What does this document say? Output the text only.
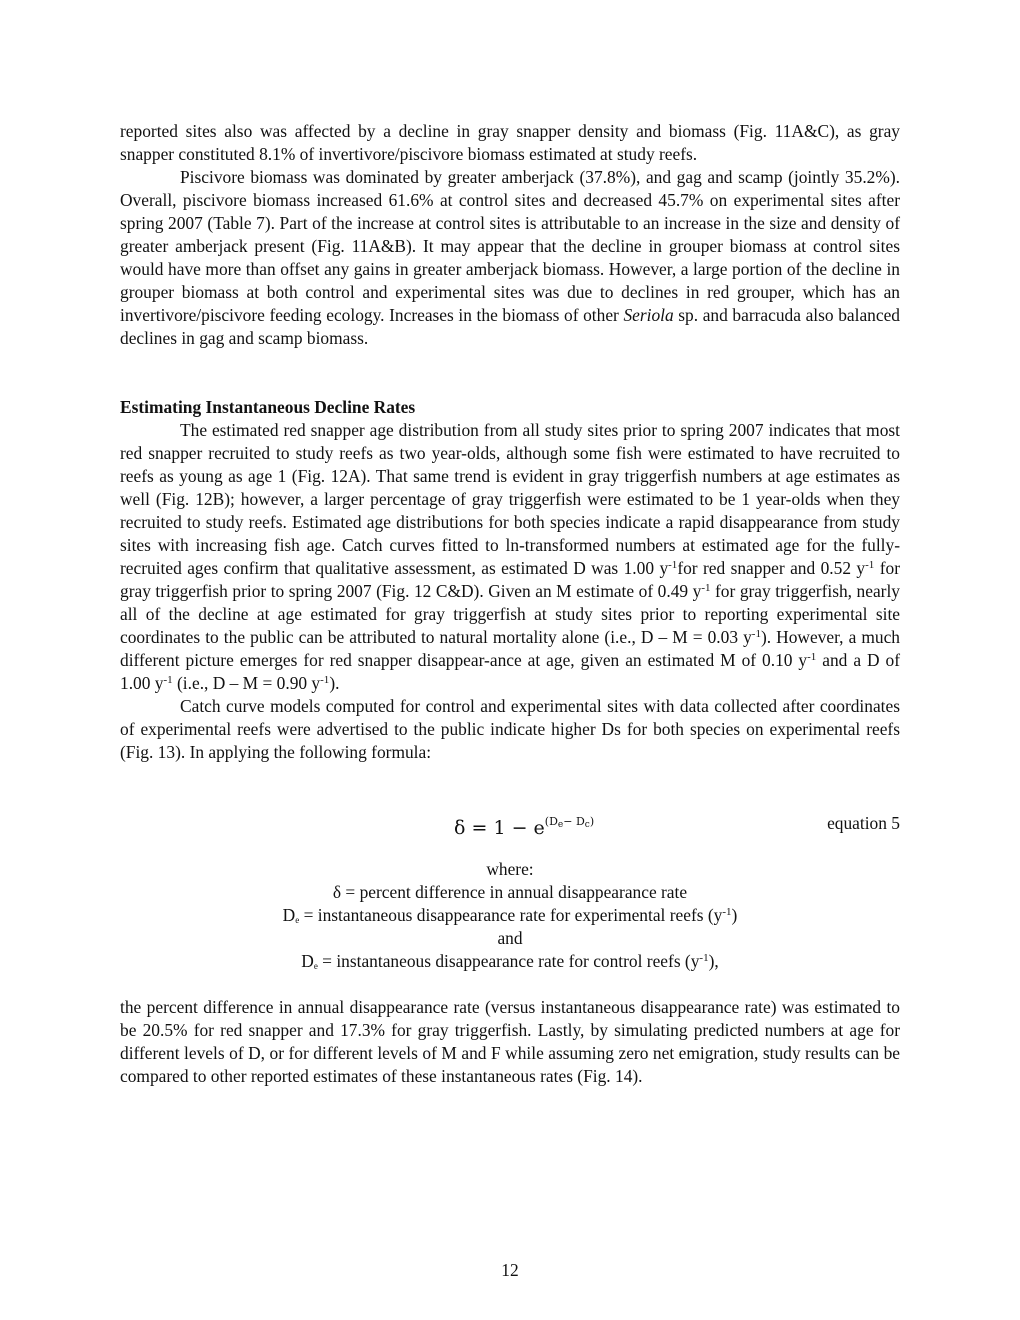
reported sites also was affected by a decline in gray snapper density and biomass (Fig. 11A&C), as gray snapper constituted 8.1% of invertivore/piscivore biomass estimated at study reefs.

Piscivore biomass was dominated by greater amberjack (37.8%), and gag and scamp (jointly 35.2%). Overall, piscivore biomass increased 61.6% at control sites and decreased 45.7% on experimental sites after spring 2007 (Table 7). Part of the increase at control sites is attributable to an increase in the size and density of greater amberjack present (Fig. 11A&B). It may appear that the decline in grouper biomass at control sites would have more than offset any gains in greater amberjack biomass. However, a large portion of the decline in grouper biomass at both control and experimental sites was due to declines in red grouper, which has an invertivore/piscivore feeding ecology. Increases in the biomass of other Seriola sp. and barracuda also balanced declines in gag and scamp biomass.

Estimating Instantaneous Decline Rates

The estimated red snapper age distribution from all study sites prior to spring 2007 indicates that most red snapper recruited to study reefs as two year-olds, although some fish were estimated to have recruited to reefs as young as age 1 (Fig. 12A). That same trend is evident in gray triggerfish numbers at age estimates as well (Fig. 12B); however, a larger percentage of gray triggerfish were estimated to be 1 year-olds when they recruited to study reefs. Estimated age distributions for both species indicate a rapid disappearance from study sites with increasing fish age. Catch curves fitted to ln-transformed numbers at estimated age for the fully-recruited ages confirm that qualitative assessment, as estimated D was 1.00 $y^{-1}for$ red snapper and 0.52 $y^{-1}$ for gray triggerfish prior to spring 2007 (Fig. 12 C&D). Given an M estimate of 0.49 $y^{-1}$ for gray triggerfish, nearly all of the decline at age estimated for gray triggerfish at study sites prior to reporting experimental site coordinates to the public can be attributed to natural mortality alone (i.e., D – M = 0.03 $y^{-1}$). However, a much different picture emerges for red snapper disappear-ance at age, given an estimated M of 0.10 $y^{-1}$ and a D of 1.00 $y^{-1}$ (i.e., D – M = 0.90 $y^{-1}$).

Catch curve models computed for control and experimental sites with data collected after coordinates of experimental reefs were advertised to the public indicate higher Ds for both species on experimental reefs (Fig. 13). In applying the following formula:

$\delta = 1 - e^{(D_e- D_c)}$	equation 5
where:
δ = percent difference in annual disappearance rate
$D_e$ = instantaneous disappearance rate for experimental reefs $(y^{-1})$
and
$D_e$ = instantaneous disappearance rate for control reefs $(y^{-1})$,

the percent difference in annual disappearance rate (versus instantaneous disappearance rate) was estimated to be 20.5% for red snapper and 17.3% for gray triggerfish. Lastly, by simulating predicted numbers at age for different levels of D, or for different levels of M and F while assuming zero net emigration, study results can be compared to other reported estimates of these instantaneous rates (Fig. 14).

12
